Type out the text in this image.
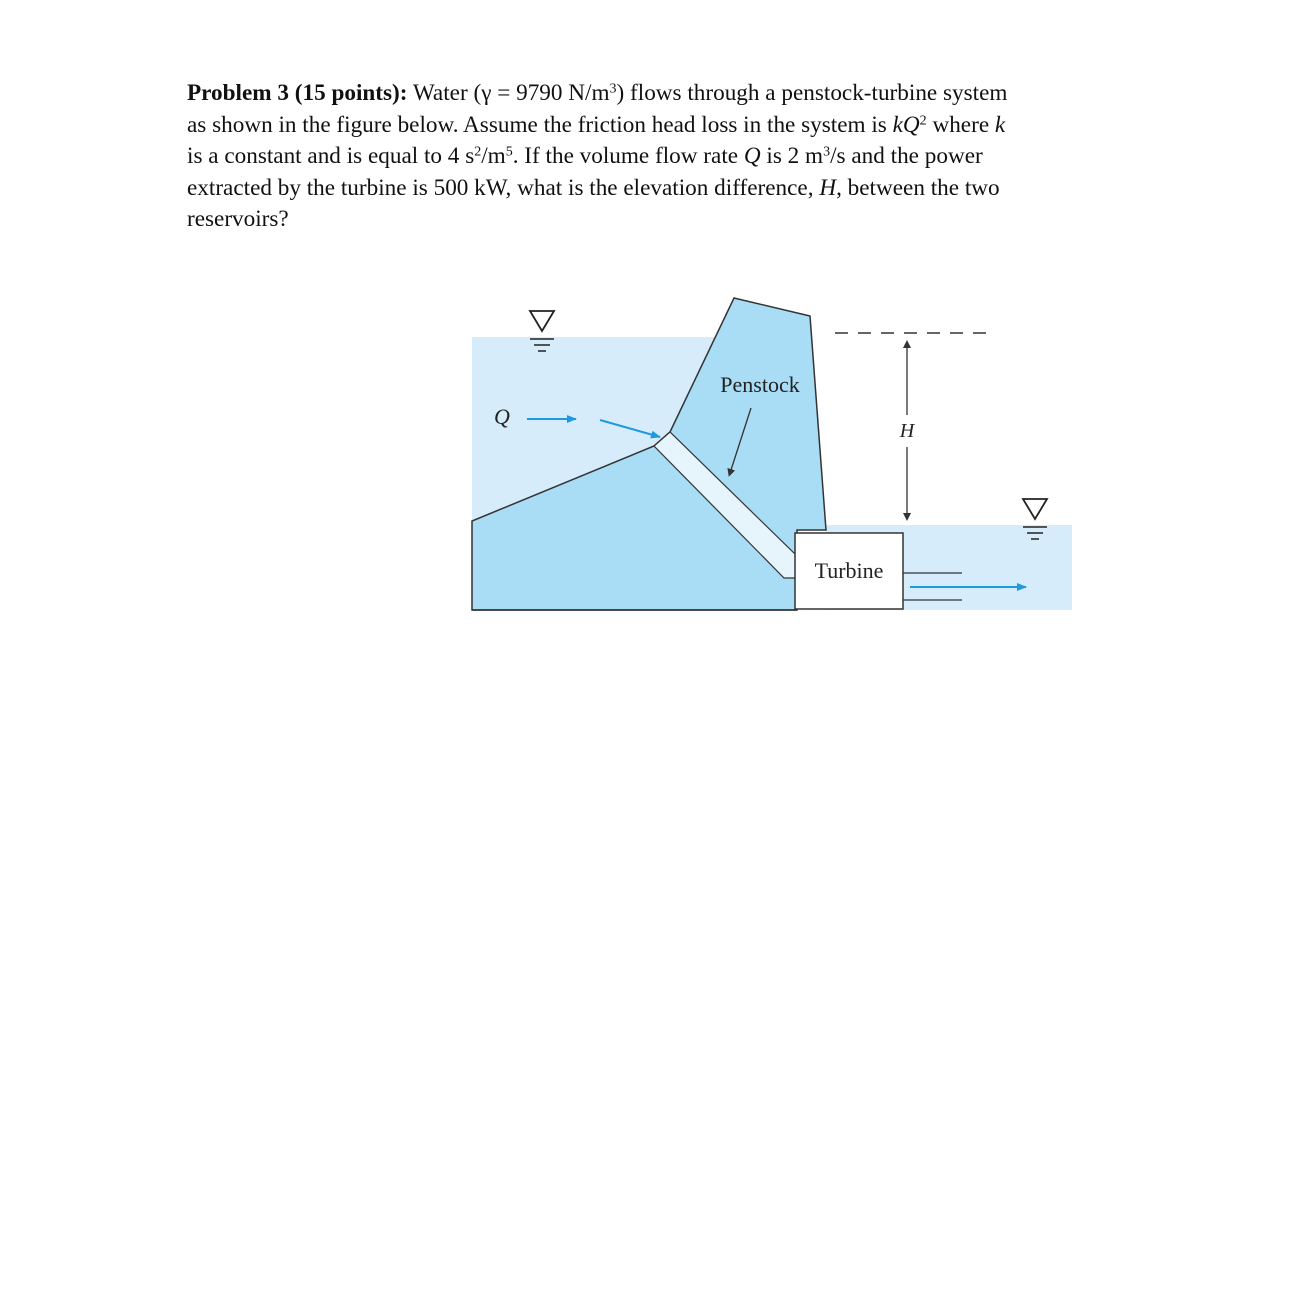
Problem 3 (15 points): Water (γ = 9790 $N/m^3$) flows through a penstock-turbine system
as shown in the figure below. Assume the friction head loss in the system is $kQ^2$ where k
is a constant and is equal to 4 $s^2/m^5$. If the volume flow rate Q is 2 $m^3/s$ and the power
extracted by the turbine is 500 kW, what is the elevation difference, H, between the two
reservoirs?
Turbine
Penstock
Q
H
